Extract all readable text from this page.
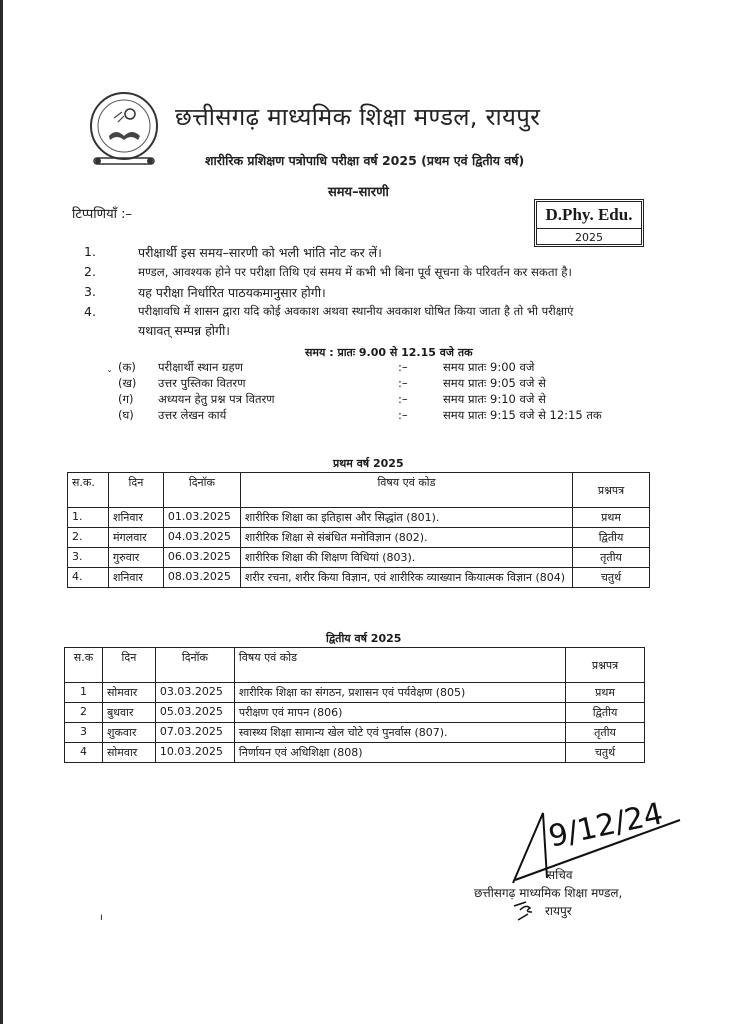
छत्तीसगढ़ माध्यमिक शिक्षा मण्डल, रायपुर
शारीरिक प्रशिक्षण पत्रोपाधि परीक्षा वर्ष 2025 (प्रथम एवं द्वितीय वर्ष)
समय–सारणी
टिप्पणियाँ :–	D.Phy. Edu.
2025
1.	परीक्षार्थी इस समय–सारणी को भली भांति नोट कर लें।
2.	मण्डल, आवश्यक होने पर परीक्षा तिथि एवं समय में कभी भी बिना पूर्व सूचना के परिवर्तन कर सकता है।
3.	यह परीक्षा निर्धारित पाठयकमानुसार होगी।
4.	परीक्षावधि में शासन द्वारा यदि कोई अवकाश अथवा स्थानीय अवकाश घोषित किया जाता है तो भी परीक्षाएं
यथावत् सम्पन्न होगी।
समय : प्रातः 9.00 से 12.15 वजे तक
ˇ
(क) परीक्षार्थी स्थान ग्रहण	:–	समय प्रातः 9:00 वजे
(ख) उत्तर पुस्तिका वितरण	:–	समय प्रातः 9:05 वजे से
(ग) अध्ययन हेतु प्रश्न पत्र वितरण	:–	समय प्रातः 9:10 वजे से
(घ) उत्तर लेखन कार्य	:–	समय प्रातः 9:15 वजे से 12:15 तक
प्रथम वर्ष 2025
स.क.	दिन	दिनॉक	विषय एवं कोड	प्रश्नपत्र
1.	शनिवार	01.03.2025	शारीरिक शिक्षा का इतिहास और सिद्धांत (801).	प्रथम
2.	मंगलवार	04.03.2025	शारीरिक शिक्षा से संबंधित मनोविज्ञान (802).	द्वितीय
3.	गुरुवार	06.03.2025	शारीरिक शिक्षा की शिक्षण विधियां (803).	तृतीय
4.	शनिवार	08.03.2025	शरीर रचना, शरीर किया विज्ञान, एवं शारीरिक व्याख्यान कियात्मक विज्ञान (804)	चतुर्थ
द्वितीय वर्ष 2025
स.क	दिन	दिनॉक	विषय एवं कोड	प्रश्नपत्र
1	सोमवार	03.03.2025	शारीरिक शिक्षा का संगठन, प्रशासन एवं पर्यवेक्षण (805)	प्रथम
2	बुधवार	05.03.2025	परीक्षण एवं मापन (806)	द्वितीय
3	शुकवार	07.03.2025	स्वास्थ्य शिक्षा सामान्य खेल चोटे एवं पुनर्वास (807).	तृतीय
4	सोमवार	10.03.2025	निर्णायन एवं अधिशिक्षा (808)	चतुर्थ
9/12/24
सचिव
छत्तीसगढ़ माध्यमिक शिक्षा मण्डल,
रायपुर
ı
